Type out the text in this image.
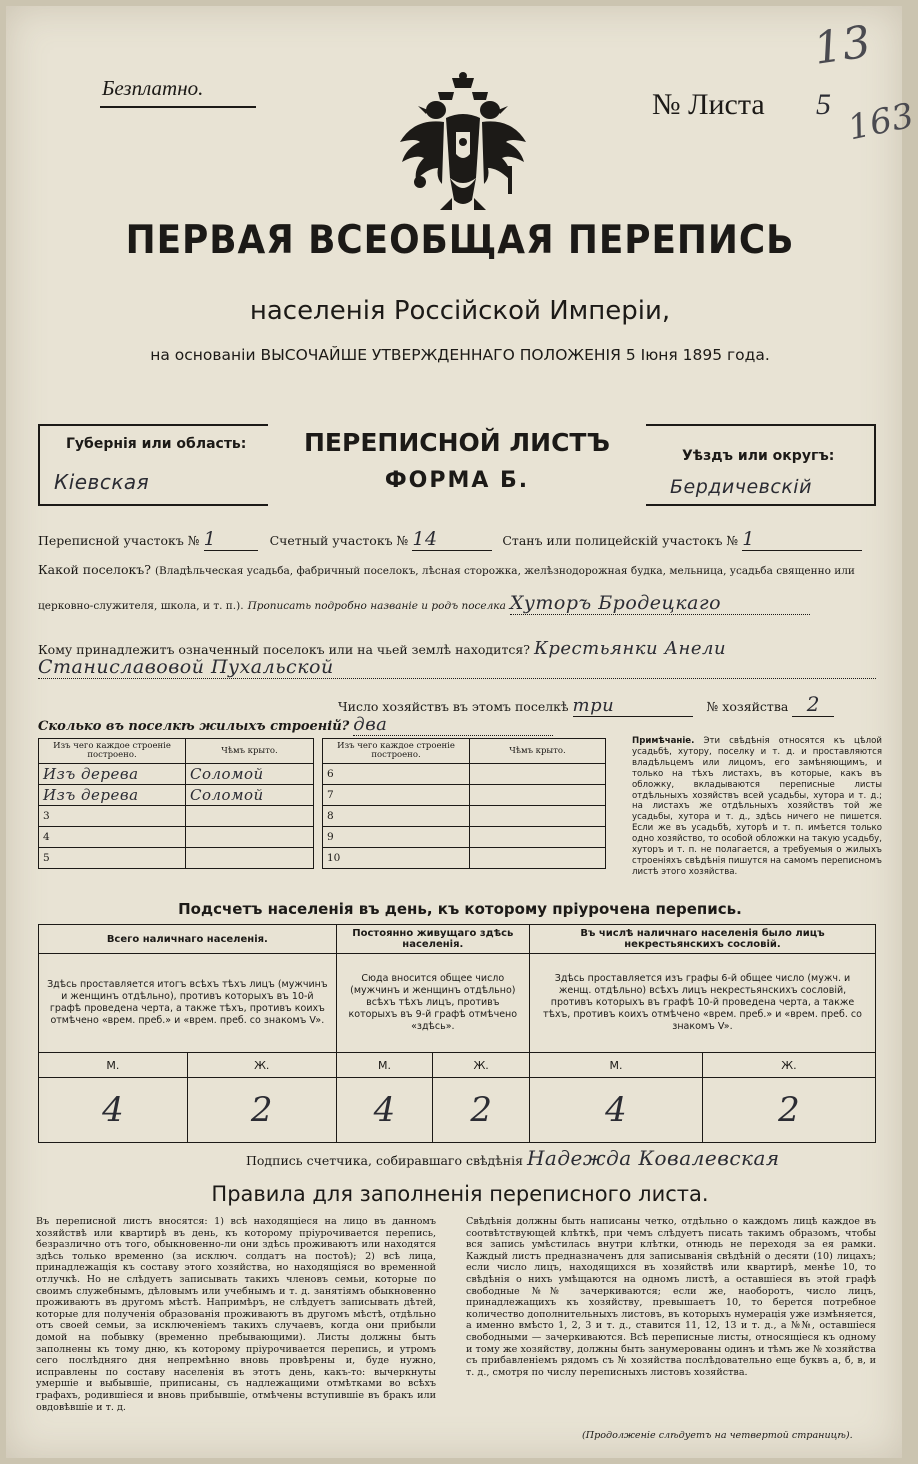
Безплатно.	№ Листа 5
13
163
ПЕРВАЯ ВСЕОБЩАЯ ПЕРЕПИСЬ
населенія Россійской Имперіи,
на основаніи ВЫСОЧАЙШЕ УТВЕРЖДЕННАГО ПОЛОЖЕНІЯ 5 Іюня 1895 года.
Губернія или область:
Кіевская
ПЕРЕПИСНОЙ ЛИСТЪ
ФОРМА Б.
Уѣздъ или округъ:
Бердичевскій
Переписной участокъ № 1	Счетный участокъ № 14	Станъ или полицейскій участокъ № 1
Какой поселокъ? (Владѣльческая усадьба, фабричный поселокъ, лѣсная сторожка, желѣзнодорожная будка, мельница, усадьба священно или
церковно-служителя, школа, и т. п.). Прописать подробно названіе и родъ поселка Хуторъ Бродецкаго
Кому принадлежитъ означенный поселокъ или на чьей землѣ находится? Крестьянки Анели
Станиславовой Пухальской
Число хозяйствъ въ этомъ поселкѣ три	№ хозяйства 2
Сколько въ поселкѣ жилыхъ строеній? два
Изъ чего каждое строеніе построено.	Чѣмъ крыто.
Изъ дерева	Соломой
Изъ дерева	Соломой
3	
4	
5	
Изъ чего каждое строеніе построено.	Чѣмъ крыто.
6	
7	
8	
9	
10	
Примѣчаніе. Эти свѣдѣнія относятся къ цѣлой усадьбѣ, хутору, поселку и т. д. и проставляются владѣльцемъ или лицомъ, его замѣняющимъ, и только на тѣхъ листахъ, въ которые, какъ въ обложку, вкладываются переписные листы отдѣльныхъ хозяйствъ всей усадьбы, хутора и т. д.; на листахъ же отдѣльныхъ хозяйствъ той же усадьбы, хутора и т. д., здѣсь ничего не пишется. Если же въ усадьбѣ, хуторѣ и т. п. имѣется только одно хозяйство, то особой обложки на такую усадьбу, хуторъ и т. п. не полагается, а требуемыя о жилыхъ строеніяхъ свѣдѣнія пишутся на самомъ переписномъ листѣ этого хозяйства.
Подсчетъ населенія въ день, къ которому пріурочена перепись.
Всего наличнаго населенія.		Постоянно живущаго здѣсь населенія.		Въ числѣ наличнаго населенія было лицъ некрестьянскихъ сословій.	
Здѣсь проставляется итогъ всѣхъ тѣхъ лицъ (мужчинъ и женщинъ отдѣльно), противъ которыхъ въ 10-й графѣ проведена черта, а также тѣхъ, противъ коихъ отмѣчено «врем. преб.» и «врем. преб. со знакомъ V».		Сюда вносится общее число (мужчинъ и женщинъ отдѣльно) всѣхъ тѣхъ лицъ, противъ которыхъ въ 9-й графѣ отмѣчено «здѣсь».		Здѣсь проставляется изъ графы 6-й общее число (мужч. и женщ. отдѣльно) всѣхъ лицъ некрестьянскихъ сословій, противъ которыхъ въ графѣ 10-й проведена черта, а также тѣхъ, противъ коихъ отмѣчено «врем. преб.» и «врем. преб. со знакомъ V».	
М.	Ж.	М.	Ж.	М.	Ж.
4	2	4	2	4	2
Подпись счетчика, собиравшаго свѣдѣнія Надежда Ковалевская
Правила для заполненія переписного листа.
Въ переписной листъ вносятся: 1) всѣ находящіеся на лицо въ данномъ хозяйствѣ или квартирѣ въ день, къ которому пріурочивается перепись, безразлично отъ того, обыкновенно-ли они здѣсь проживаютъ или находятся здѣсь только временно (за исключ. солдатъ на постоѣ); 2) всѣ лица, принадлежащія къ составу этого хозяйства, но находящіяся во временной отлучкѣ. Но не слѣдуетъ записывать такихъ членовъ семьи, которые по своимъ служебнымъ, дѣловымъ или учебнымъ и т. д. занятіямъ обыкновенно проживаютъ въ другомъ мѣстѣ. Напримѣръ, не слѣдуетъ записывать дѣтей, которые для полученія образованія проживаютъ въ другомъ мѣстѣ, отдѣльно отъ своей семьи, за исключеніемъ такихъ случаевъ, когда они прибыли домой на побывку (временно пребывающими). Листы должны быть заполнены къ тому дню, къ которому пріурочивается перепись, и утромъ сего послѣдняго дня непремѣнно вновь провѣрены и, буде нужно, исправлены по составу населенія въ этотъ день, какъ-то: вычеркнуты умершіе и выбывшіе, приписаны, съ надлежащими отмѣтками во всѣхъ графахъ, родившіеся и вновь прибывшіе, отмѣчены вступившіе въ бракъ или овдовѣвшіе и т. д.
Свѣдѣнія должны быть написаны четко, отдѣльно о каждомъ лицѣ каждое въ соотвѣтствующей клѣткѣ, при чемъ слѣдуетъ писать такимъ образомъ, чтобы вся запись умѣстилась внутри клѣтки, отнюдь не переходя за ея рамки. Каждый листъ предназначенъ для записыванія свѣдѣній о десяти (10) лицахъ; если число лицъ, находящихся въ хозяйствѣ или квартирѣ, менѣе 10, то свѣдѣнія о нихъ умѣщаются на одномъ листѣ, а оставшіеся въ этой графѣ свободные №№ зачеркиваются; если же, наоборотъ, число лицъ, принадлежащихъ къ хозяйству, превышаетъ 10, то берется потребное количество дополнительныхъ листовъ, въ которыхъ нумерація уже измѣняется, а именно вмѣсто 1, 2, 3 и т. д., ставится 11, 12, 13 и т. д., а №№, оставшіеся свободными — зачеркиваются. Всѣ переписные листы, относящіеся къ одному и тому же хозяйству, должны быть занумерованы одинъ и тѣмъ же № хозяйства съ прибавленіемъ рядомъ съ № хозяйства послѣдовательно еще буквъ а, б, в, и т. д., смотря по числу переписныхъ листовъ хозяйства.
(Продолженіе слѣдуетъ на четвертой страницѣ).
